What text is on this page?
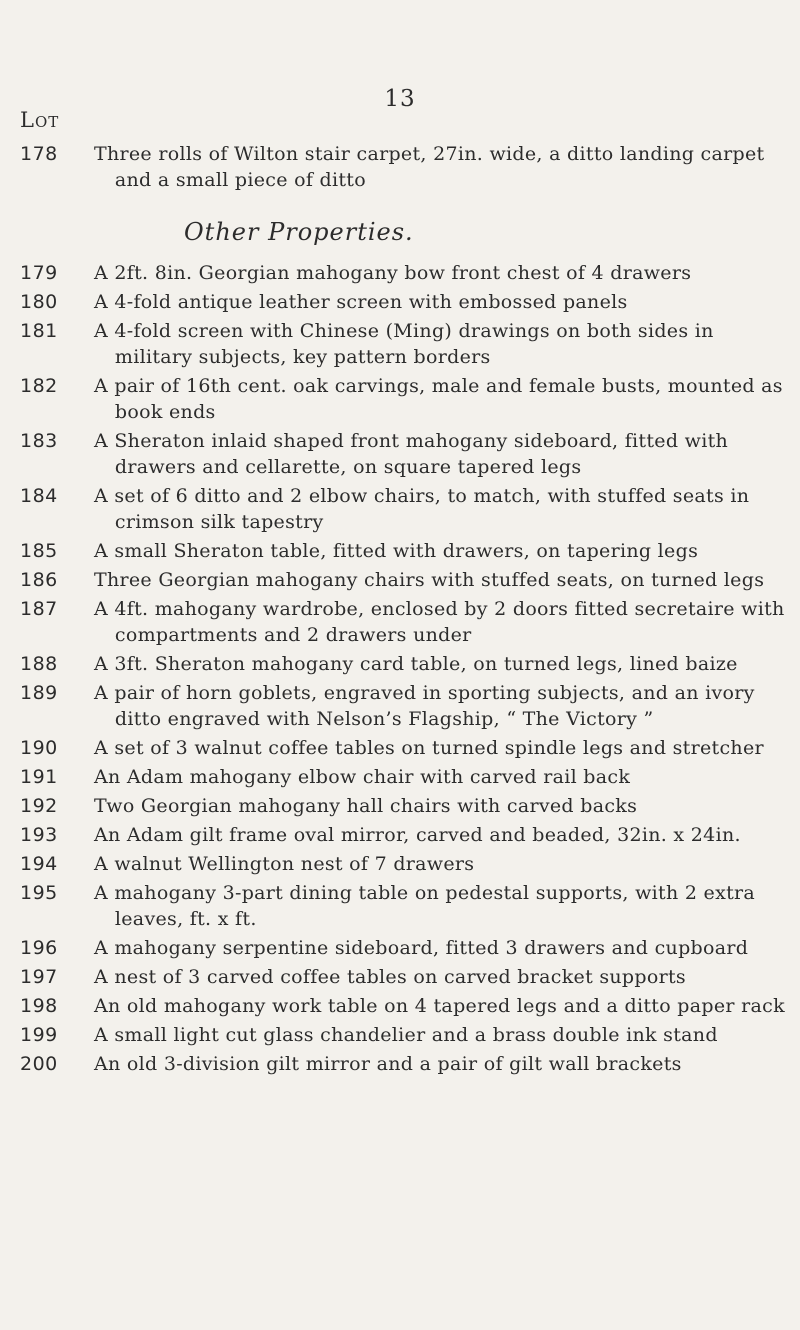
13
Lot
178	Three rolls of Wilton stair carpet, 27in. wide, a ditto landing carpet and a small piece of ditto
Other Properties.
179	A 2ft. 8in. Georgian mahogany bow front chest of 4 drawers
180	A 4-fold antique leather screen with embossed panels
181	A 4-fold screen with Chinese (Ming) drawings on both sides in military subjects, key pattern borders
182	A pair of 16th cent. oak carvings, male and female busts, mounted as book ends
183	A Sheraton inlaid shaped front mahogany sideboard, fitted with drawers and cellarette, on square tapered legs
184	A set of 6 ditto and 2 elbow chairs, to match, with stuffed seats in crimson silk tapestry
185	A small Sheraton table, fitted with drawers, on tapering legs
186	Three Georgian mahogany chairs with stuffed seats, on turned legs
187	A 4ft. mahogany wardrobe, enclosed by 2 doors fitted secretaire with compartments and 2 drawers under
188	A 3ft. Sheraton mahogany card table, on turned legs, lined baize
189	A pair of horn goblets, engraved in sporting subjects, and an ivory ditto engraved with Nelson’s Flagship, “ The Victory ”
190	A set of 3 walnut coffee tables on turned spindle legs and stretcher
191	An Adam mahogany elbow chair with carved rail back
192	Two Georgian mahogany hall chairs with carved backs
193	An Adam gilt frame oval mirror, carved and beaded, 32in. x 24in.
194	A walnut Wellington nest of 7 drawers
195	A mahogany 3-part dining table on pedestal supports, with 2 extra leaves, ft. x ft.
196	A mahogany serpentine sideboard, fitted 3 drawers and cupboard
197	A nest of 3 carved coffee tables on carved bracket supports
198	An old mahogany work table on 4 tapered legs and a ditto paper rack
199	A small light cut glass chandelier and a brass double ink stand
200	An old 3-division gilt mirror and a pair of gilt wall brackets
